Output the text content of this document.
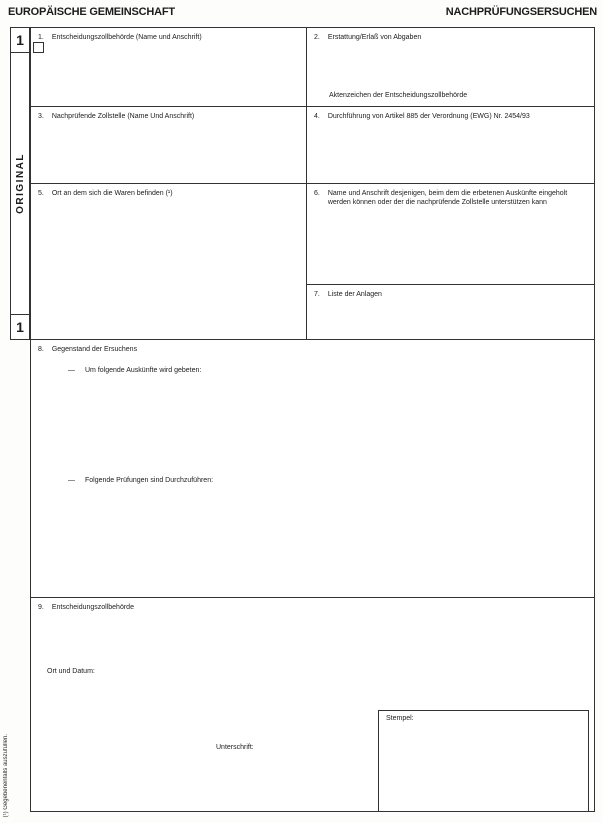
EUROPÄISCHE GEMEINSCHAFT	NACHPRÜFUNGSERSUCHEN
1
ORIGINAL
1
1. Entscheidungszollbehörde (Name und Anschrift)	2. Erstattung/Erlaß von Abgaben
Aktenzeichen der Entscheidungszollbehörde
3. Nachprüfende Zollstelle (Name Und Anschrift)	4. Durchführung von Artikel 885 der Verordnung (EWG) Nr. 2454/93
5. Ort an dem sich die Waren befinden (¹)	6. Name und Anschrift desjenigen, beim dem die erbetenen Auskünfte eingeholt werden können oder der die nachprüfende Zollstelle unterstützen kann
7. Liste der Anlagen
8. Gegenstand der Ersuchens
— Um folgende Auskünfte wird gebeten:
— Folgende Prüfungen sind Durchzuführen:
9. Entscheidungszollbehörde
Ort und Datum:
Unterschrift:
Stempel:
(¹) Gegebenenfalls auszufüllen.
